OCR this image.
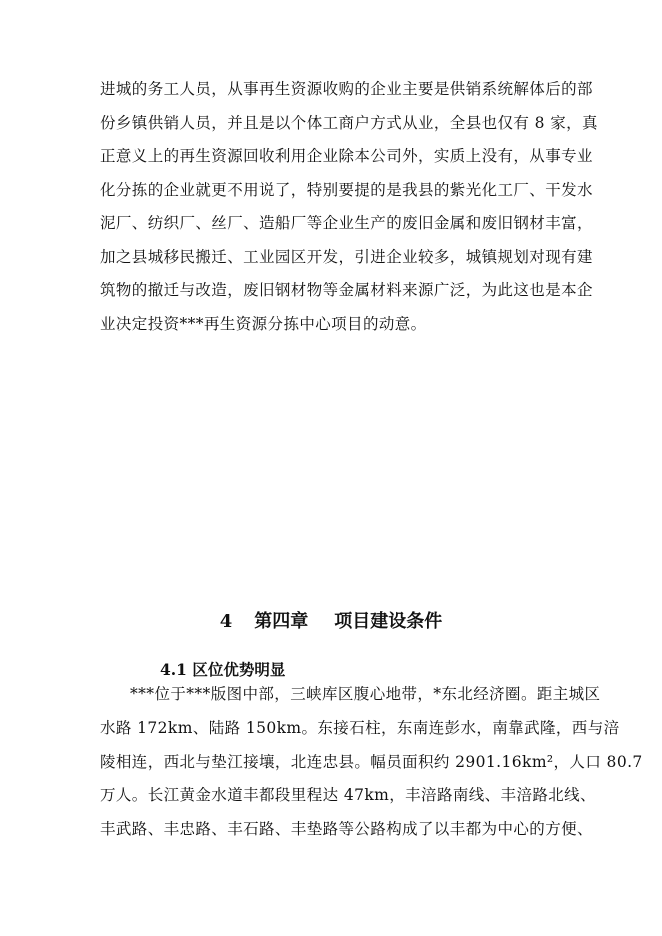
进城的务工人员，从事再生资源收购的企业主要是供销系统解体后的部
份乡镇供销人员，并且是以个体工商户方式从业，全县也仅有 8 家，真
正意义上的再生资源回收利用企业除本公司外，实质上没有，从事专业
化分拣的企业就更不用说了，特别要提的是我县的紫光化工厂、干发水
泥厂、纺织厂、丝厂、造船厂等企业生产的废旧金属和废旧钢材丰富，
加之县城移民搬迁、工业园区开发，引进企业较多，城镇规划对现有建
筑物的撤迁与改造，废旧钢材物等金属材料来源广泛，为此这也是本企
业决定投资***再生资源分拣中心项目的动意。
4 第四章 项目建设条件
4.1 区位优势明显
***位于***版图中部，三峡库区腹心地带，*东北经济圈。距主城区
水路 172km、陆路 150km。东接石柱，东南连彭水，南靠武隆，西与涪
陵相连，西北与垫江接壤，北连忠县。幅员面积约 2901.16km²，人口 80.7
万人。长江黄金水道丰都段里程达 47km，丰涪路南线、丰涪路北线、
丰武路、丰忠路、丰石路、丰垫路等公路构成了以丰都为中心的方便、
